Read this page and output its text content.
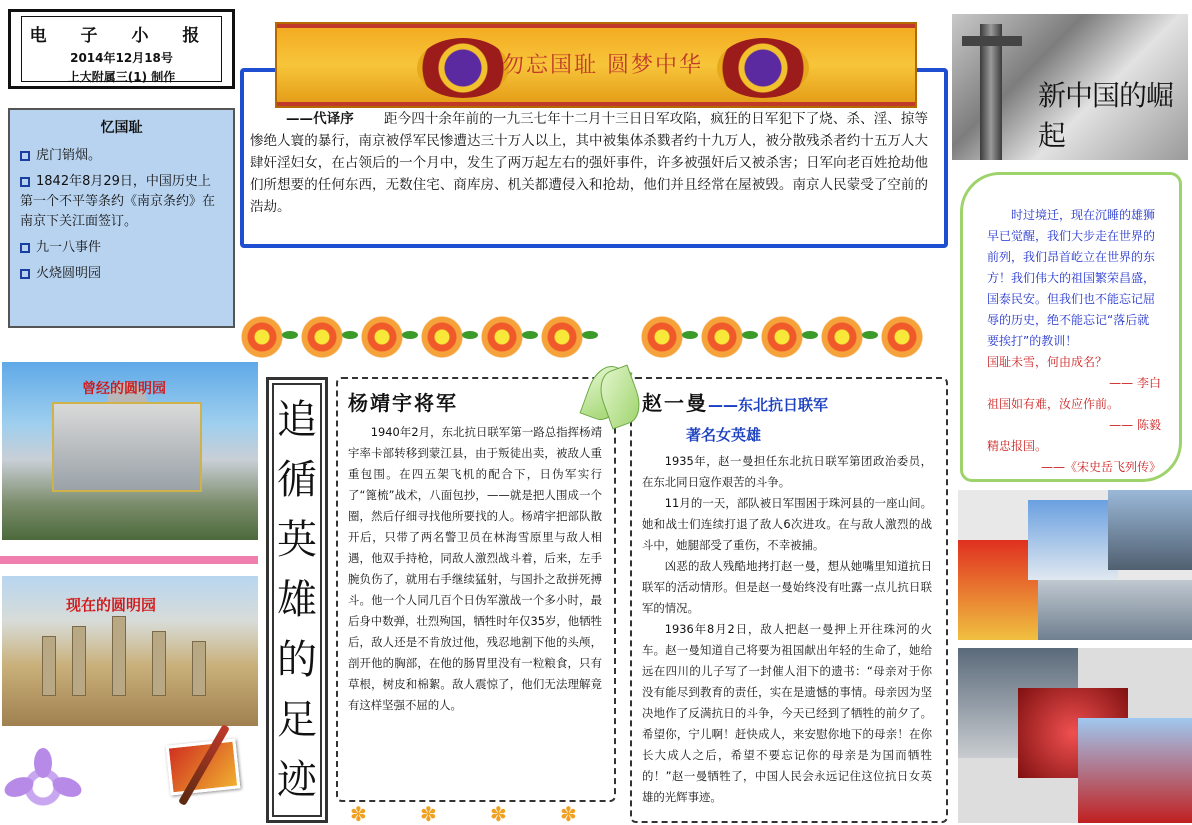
电 子 小 报
2014年12月18号
上大附属三(1) 制作
忆国耻
虎门销烟。
1842年8月29日，中国历史上第一个不平等条约《南京条约》在南京下关江面签订。
九一八事件
火烧圆明园
——代译序 距今四十余年前的一九三七年十二月十三日日军攻陷，疯狂的日军犯下了烧、杀、淫、掠等惨绝人寰的暴行，南京被俘军民惨遭达三十万人以上，其中被集体杀戮者约十九万人，被分散残杀者约十五万人大肆奸淫妇女，在占领后的一个月中，发生了两万起左右的强奸事件，许多被强奸后又被杀害；日军向老百姓抢劫他们所想要的任何东西，无数住宅、商库房、机关都遭侵入和抢劫，他们并且经常在屋被毁。南京人民蒙受了空前的浩劫。
勿忘国耻 圆梦中华
新中国的崛起
时过境迁，现在沉睡的雄狮早已觉醒，我们大步走在世界的前列，我们昂首屹立在世界的东方！我们伟大的祖国繁荣昌盛，国泰民安。但我们也不能忘记屈辱的历史，绝不能忘记“落后就要挨打”的教训！
国耻未雪，何由成名？
—— 李白
祖国如有难，汝应作前。
—— 陈毅
精忠报国。
——《宋史岳飞列传》
曾经的圆明园
现在的圆明园
追
循
英
雄
的
足
迹
杨靖宇将军

1940年2月，东北抗日联军第一路总指挥杨靖宇率卡部转移到蒙江县，由于叛徒出卖，被敌人重重包围。在四五架飞机的配合下，日伪军实行了“篦梳”战术，八面包抄，——就是把人围成一个圈，然后仔细寻找他所要找的人。杨靖宇把部队散开后，只带了两名警卫员在林海雪原里与敌人相遇，他双手持枪，同敌人激烈战斗着，后来，左手腕负伤了，就用右手继续猛射，与国扑之敌拼死搏斗。他一个人同几百个日伪军激战一个多小时，最后身中数弹，壮烈殉国，牺牲时年仅35岁，他牺牲后，敌人还是不肯放过他，残忍地割下他的头颅，剖开他的胸部，在他的肠胃里没有一粒粮食，只有草根，树皮和棉絮。敌人震惊了，他们无法理解竟有这样坚强不屈的人。

✽	✽	✽	✽
赵一曼——东北抗日联军
著名女英雄

1935年，赵一曼担任东北抗日联军第团政治委员，在东北同日寇作艰苦的斗争。

11月的一天，部队被日军围困于珠河县的一座山间。她和战士们连续打退了敌人6次进攻。在与敌人激烈的战斗中，她腿部受了重伤，不幸被捕。

凶恶的敌人残酷地拷打赵一曼，想从她嘴里知道抗日联军的活动情形。但是赵一曼始终没有吐露一点儿抗日联军的情况。

1936年8月2日，敌人把赵一曼押上开往珠河的火车。赵一曼知道自己将要为祖国献出年轻的生命了，她给远在四川的儿子写了一封催人泪下的遗书：“母亲对于你没有能尽到教育的责任，实在是遗憾的事情。母亲因为坚决地作了反满抗日的斗争，今天已经到了牺牲的前夕了。希望你，宁儿啊！赶快成人，来安慰你地下的母亲！在你长大成人之后，希望不要忘记你的母亲是为国而牺牲的！”赵一曼牺牲了，中国人民会永远记住这位抗日女英雄的光辉事迹。
